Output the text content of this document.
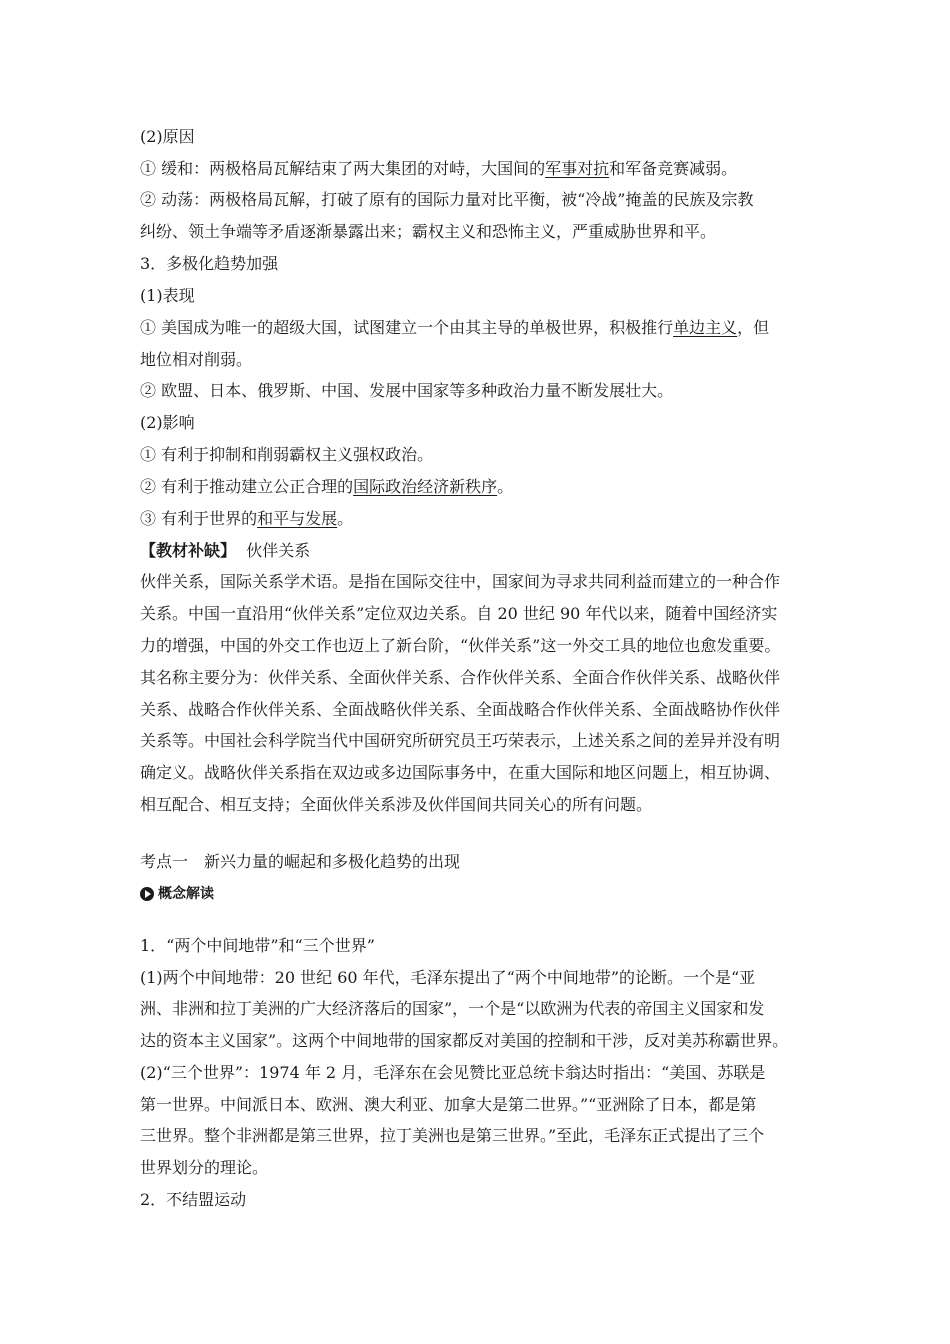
(2)原因
① 缓和：两极格局瓦解结束了两大集团的对峙，大国间的军事对抗和军备竞赛减弱。
② 动荡：两极格局瓦解，打破了原有的国际力量对比平衡，被“冷战”掩盖的民族及宗教
纠纷、领土争端等矛盾逐渐暴露出来；霸权主义和恐怖主义，严重威胁世界和平。
3．多极化趋势加强
(1)表现
① 美国成为唯一的超级大国，试图建立一个由其主导的单极世界，积极推行单边主义，但
地位相对削弱。
② 欧盟、日本、俄罗斯、中国、发展中国家等多种政治力量不断发展壮大。
(2)影响
① 有利于抑制和削弱霸权主义强权政治。
② 有利于推动建立公正合理的国际政治经济新秩序。
③ 有利于世界的和平与发展。
【教材补缺】 伙伴关系
伙伴关系，国际关系学术语。是指在国际交往中，国家间为寻求共同利益而建立的一种合作
关系。中国一直沿用“伙伴关系”定位双边关系。自 20 世纪 90 年代以来，随着中国经济实
力的增强，中国的外交工作也迈上了新台阶，“伙伴关系”这一外交工具的地位也愈发重要。
其名称主要分为：伙伴关系、全面伙伴关系、合作伙伴关系、全面合作伙伴关系、战略伙伴
关系、战略合作伙伴关系、全面战略伙伴关系、全面战略合作伙伴关系、全面战略协作伙伴
关系等。中国社会科学院当代中国研究所研究员王巧荣表示，上述关系之间的差异并没有明
确定义。战略伙伴关系指在双边或多边国际事务中，在重大国际和地区问题上，相互协调、
相互配合、相互支持；全面伙伴关系涉及伙伴国间共同关心的所有问题。
考点一　新兴力量的崛起和多极化趋势的出现
概念解读
1．“两个中间地带”和“三个世界”
(1)两个中间地带：20 世纪 60 年代，毛泽东提出了“两个中间地带”的论断。一个是“亚
洲、非洲和拉丁美洲的广大经济落后的国家”，一个是“以欧洲为代表的帝国主义国家和发
达的资本主义国家”。这两个中间地带的国家都反对美国的控制和干涉，反对美苏称霸世界。
(2)“三个世界”：1974 年 2 月，毛泽东在会见赞比亚总统卡翁达时指出：“美国、苏联是
第一世界。中间派日本、欧洲、澳大利亚、加拿大是第二世界。”“亚洲除了日本，都是第
三世界。整个非洲都是第三世界，拉丁美洲也是第三世界。”至此，毛泽东正式提出了三个
世界划分的理论。
2．不结盟运动
